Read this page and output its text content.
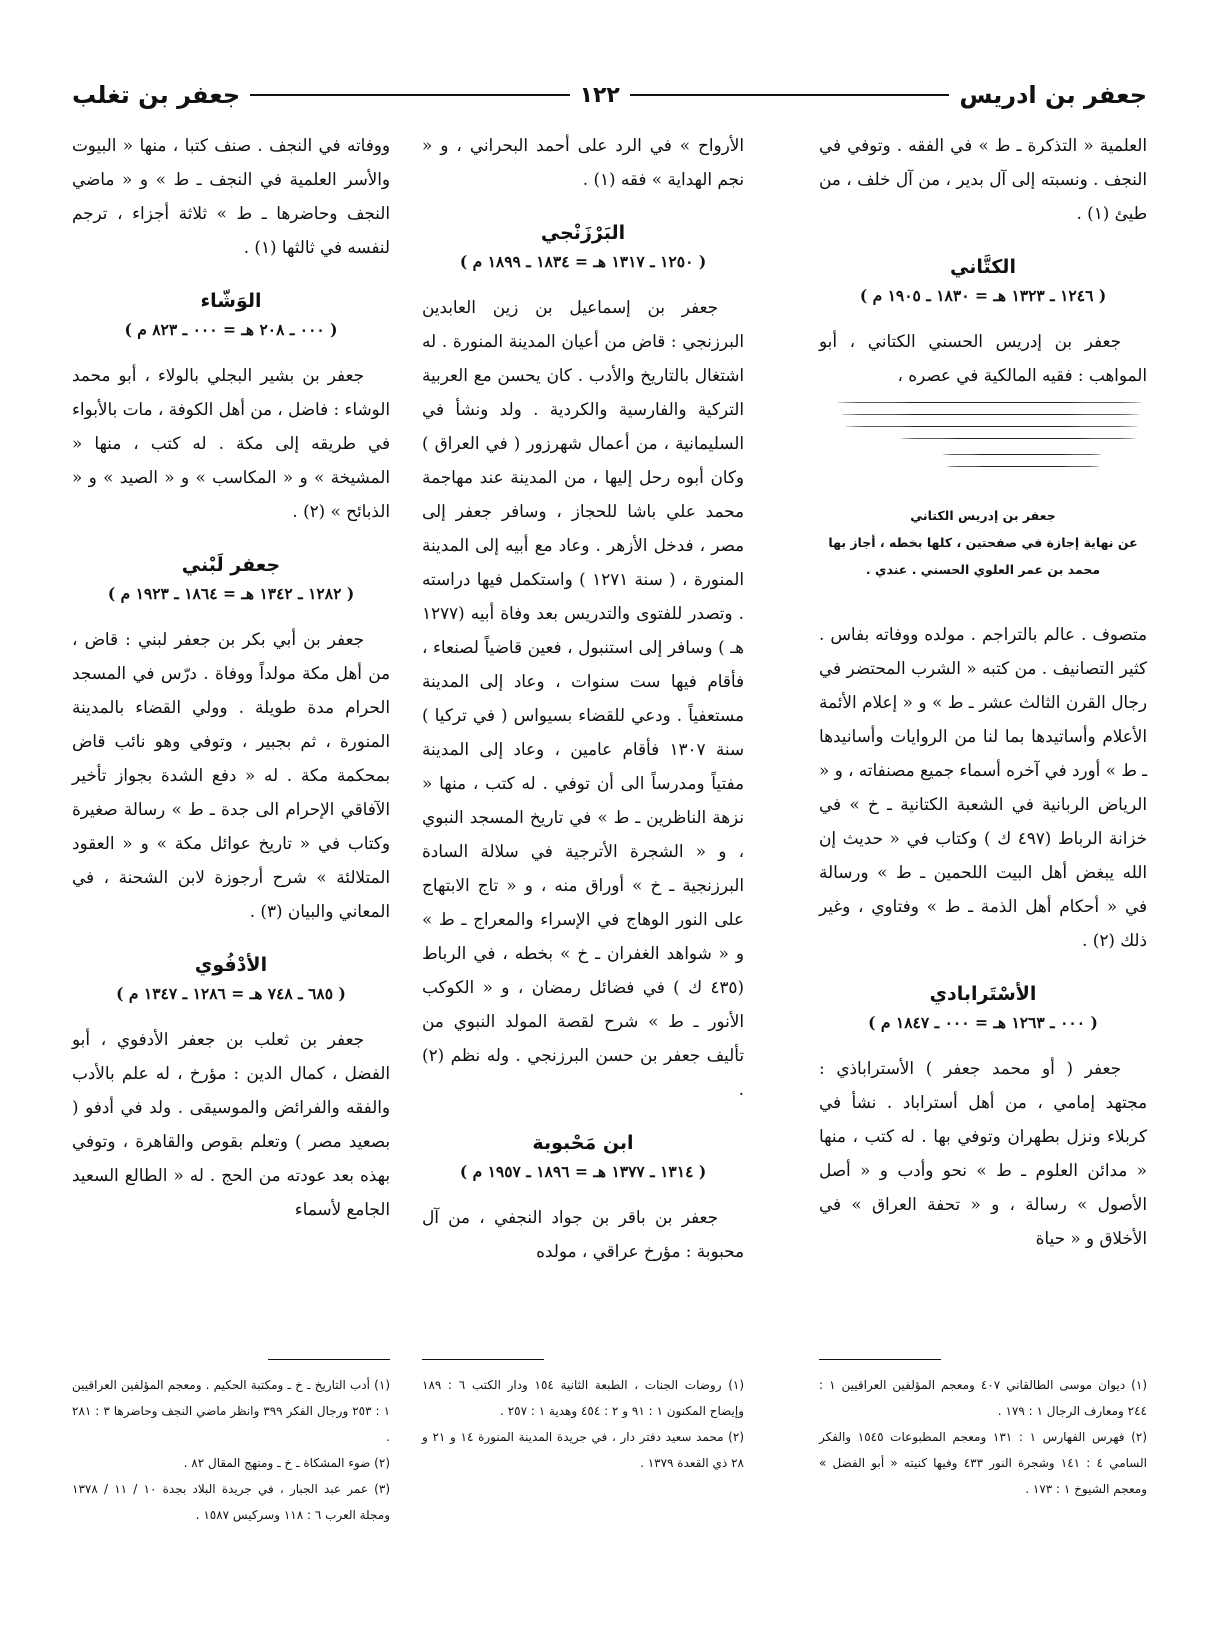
جعفر بن ادريس
١٢٢
جعفر بن تغلب

العلمية « التذكرة ـ ط » في الفقه . وتوفي في النجف . ونسبته إلى آل بدير ، من آل خلف ، من طيئ (١) .

الكتَّاني
( ١٢٤٦ ـ ١٣٢٣ هـ = ١٨٣٠ ـ ١٩٠٥ م )

جعفر بن إدريس الحسني الكتاني ، أبو المواهب : فقيه المالكية في عصره ،

جعفر بن إدريس الكتاني
عن نهاية إجازة في صفحتين ، كلها بخطه ، أجاز بها
محمد بن عمر العلوي الحسني . عندي .

متصوف . عالم بالتراجم . مولده ووفاته بفاس . كثير التصانيف . من كتبه « الشرب المحتضر في رجال القرن الثالث عشر ـ ط » و « إعلام الأئمة الأعلام وأساتيدها بما لنا من الروايات وأسانيدها ـ ط » أورد في آخره أسماء جميع مصنفاته ، و « الرياض الربانية في الشعبة الكتانية ـ خ » في خزانة الرباط (٤٩٧ ك ) وكتاب في « حديث إن الله يبغض أهل البيت اللحمين ـ ط » ورسالة في « أحكام أهل الذمة ـ ط » وفتاوي ، وغير ذلك (٢) .

الأسْتَرابادي
( ٠٠٠ ـ ١٢٦٣ هـ = ٠٠٠ ـ ١٨٤٧ م )

جعفر ( أو محمد جعفر ) الأستراباذي : مجتهد إمامي ، من أهل أستراباد . نشأ في كربلاء ونزل بطهران وتوفي بها . له كتب ، منها « مدائن العلوم ـ ط » نحو وأدب و « أصل الأصول » رسالة ، و « تحفة العراق » في الأخلاق و « حياة

الأرواح » في الرد على أحمد البحراني ، و « نجم الهداية » فقه (١) .

البَرْزَنْجي
( ١٢٥٠ ـ ١٣١٧ هـ = ١٨٣٤ ـ ١٨٩٩ م )

جعفر بن إسماعيل بن زين العابدين البرزنجي : قاض من أعيان المدينة المنورة . له اشتغال بالتاريخ والأدب . كان يحسن مع العربية التركية والفارسية والكردية . ولد ونشأ في السليمانية ، من أعمال شهرزور ( في العراق ) وكان أبوه رحل إليها ، من المدينة عند مهاجمة محمد علي باشا للحجاز ، وسافر جعفر إلى مصر ، فدخل الأزهر . وعاد مع أبيه إلى المدينة المنورة ، ( سنة ١٢٧١ ) واستكمل فيها دراسته . وتصدر للفتوى والتدريس بعد وفاة أبيه (١٢٧٧ هـ ) وسافر إلى استنبول ، فعين قاضياً لصنعاء ، فأقام فيها ست سنوات ، وعاد إلى المدينة مستعفياً . ودعي للقضاء بسيواس ( في تركيا ) سنة ١٣٠٧ فأقام عامين ، وعاد إلى المدينة مفتياً ومدرساً الى أن توفي . له كتب ، منها « نزهة الناظرين ـ ط » في تاريخ المسجد النبوي ، و « الشجرة الأترجية في سلالة السادة البرزنجية ـ خ » أوراق منه ، و « تاج الابتهاج على النور الوهاج في الإسراء والمعراج ـ ط » و « شواهد الغفران ـ خ » بخطه ، في الرباط (٤٣٥ ك ) في فضائل رمضان ، و « الكوكب الأنور ـ ط » شرح لقصة المولد النبوي من تأليف جعفر بن حسن البرزنجي . وله نظم (٢) .

ابن مَحْبوبة
( ١٣١٤ ـ ١٣٧٧ هـ = ١٨٩٦ ـ ١٩٥٧ م )

جعفر بن باقر بن جواد النجفي ، من آل محبوبة : مؤرخ عراقي ، مولده

ووفاته في النجف . صنف كتبا ، منها « البيوت والأسر العلمية في النجف ـ ط » و « ماضي النجف وحاضرها ـ ط » ثلاثة أجزاء ، ترجم لنفسه في ثالثها (١) .

الوَشّاء
( ٠٠٠ ـ ٢٠٨ هـ = ٠٠٠ ـ ٨٢٣ م )

جعفر بن بشير البجلي بالولاء ، أبو محمد الوشاء : فاضل ، من أهل الكوفة ، مات بالأبواء في طريقه إلى مكة . له كتب ، منها « المشيخة » و « المكاسب » و « الصيد » و « الذبائح » (٢) .

جعفر لَبْني
( ١٢٨٢ ـ ١٣٤٢ هـ = ١٨٦٤ ـ ١٩٢٣ م )

جعفر بن أبي بكر بن جعفر لبني : قاض ، من أهل مكة مولداً ووفاة . درّس في المسجد الحرام مدة طويلة . وولي القضاء بالمدينة المنورة ، ثم بجبير ، وتوفي وهو نائب قاض بمحكمة مكة . له « دفع الشدة بجواز تأخير الآفاقي الإحرام الى جدة ـ ط » رسالة صغيرة وكتاب في « تاريخ عوائل مكة » و « العقود المتلالئة » شرح أرجوزة لابن الشحنة ، في المعاني والبيان (٣) .

الأدْفُوي
( ٦٨٥ ـ ٧٤٨ هـ = ١٢٨٦ ـ ١٣٤٧ م )

جعفر بن ثعلب بن جعفر الأدفوي ، أبو الفضل ، كمال الدين : مؤرخ ، له علم بالأدب والفقه والفرائض والموسيقى . ولد في أدفو ( بصعيد مصر ) وتعلم بقوص والقاهرة ، وتوفي بهذه بعد عودته من الحج . له « الطالع السعيد الجامع لأسماء

(١) ديوان موسى الطالقاني ٤٠٧ ومعجم المؤلفين العراقيين ١ : ٢٤٤ ومعارف الرجال ١ : ١٧٩ .

(٢) فهرس الفهارس ١ : ١٣١ ومعجم المطبوعات ١٥٤٥ والفكر السامي ٤ : ١٤١ وشجرة النور ٤٣٣ وفيها كنيته « أبو الفضل » ومعجم الشيوخ ١ : ١٧٣ .

(١) روضات الجنات ، الطبعة الثانية ١٥٤ ودار الكتب ٦ : ١٨٩ وإيضاح المكنون ١ : ٩١ و ٢ : ٤٥٤ وهدية ١ : ٢٥٧ .

(٢) محمد سعيد دفتر دار ، في جريدة المدينة المنورة ١٤ و ٢١ و ٢٨ ذي القعدة ١٣٧٩ .

(١) أدب التاريخ ـ خ ـ ومكتبة الحكيم . ومعجم المؤلفين العراقيين ١ : ٢٥٣ ورجال الفكر ٣٩٩ وانظر ماضي النجف وحاضرها ٣ : ٢٨١ .

(٢) ضوء المشكاة ـ خ ـ ومنهج المقال ٨٢ .

(٣) عمر عبد الجبار ، في جريدة البلاد بجدة ١٠ / ١١ / ١٣٧٨ ومجلة العرب ٦ : ١١٨ وسركيس ١٥٨٧ .
